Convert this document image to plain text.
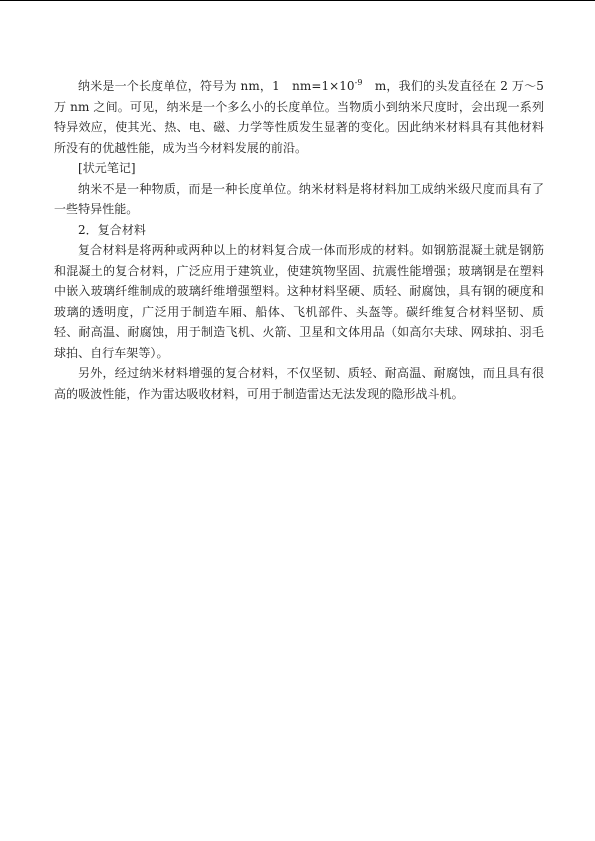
纳米是一个长度单位，符号为 nm，1　$nm=1\times 10^{-9}$　m，我们的头发直径在 2 万～5 万 nm 之间。可见，纳米是一个多么小的长度单位。当物质小到纳米尺度时，会出现一系列特异效应，使其光、热、电、磁、力学等性质发生显著的变化。因此纳米材料具有其他材料所没有的优越性能，成为当今材料发展的前沿。

[状元笔记]

纳米不是一种物质，而是一种长度单位。纳米材料是将材料加工成纳米级尺度而具有了一些特异性能。

2．复合材料

复合材料是将两种或两种以上的材料复合成一体而形成的材料。如钢筋混凝土就是钢筋和混凝土的复合材料，广泛应用于建筑业，使建筑物坚固、抗震性能增强；玻璃钢是在塑料中嵌入玻璃纤维制成的玻璃纤维增强塑料。这种材料坚硬、质轻、耐腐蚀，具有钢的硬度和玻璃的透明度，广泛用于制造车厢、船体、飞机部件、头盔等。碳纤维复合材料坚韧、质轻、耐高温、耐腐蚀，用于制造飞机、火箭、卫星和文体用品（如高尔夫球、网球拍、羽毛球拍、自行车架等）。

另外，经过纳米材料增强的复合材料，不仅坚韧、质轻、耐高温、耐腐蚀，而且具有很高的吸波性能，作为雷达吸收材料，可用于制造雷达无法发现的隐形战斗机。
